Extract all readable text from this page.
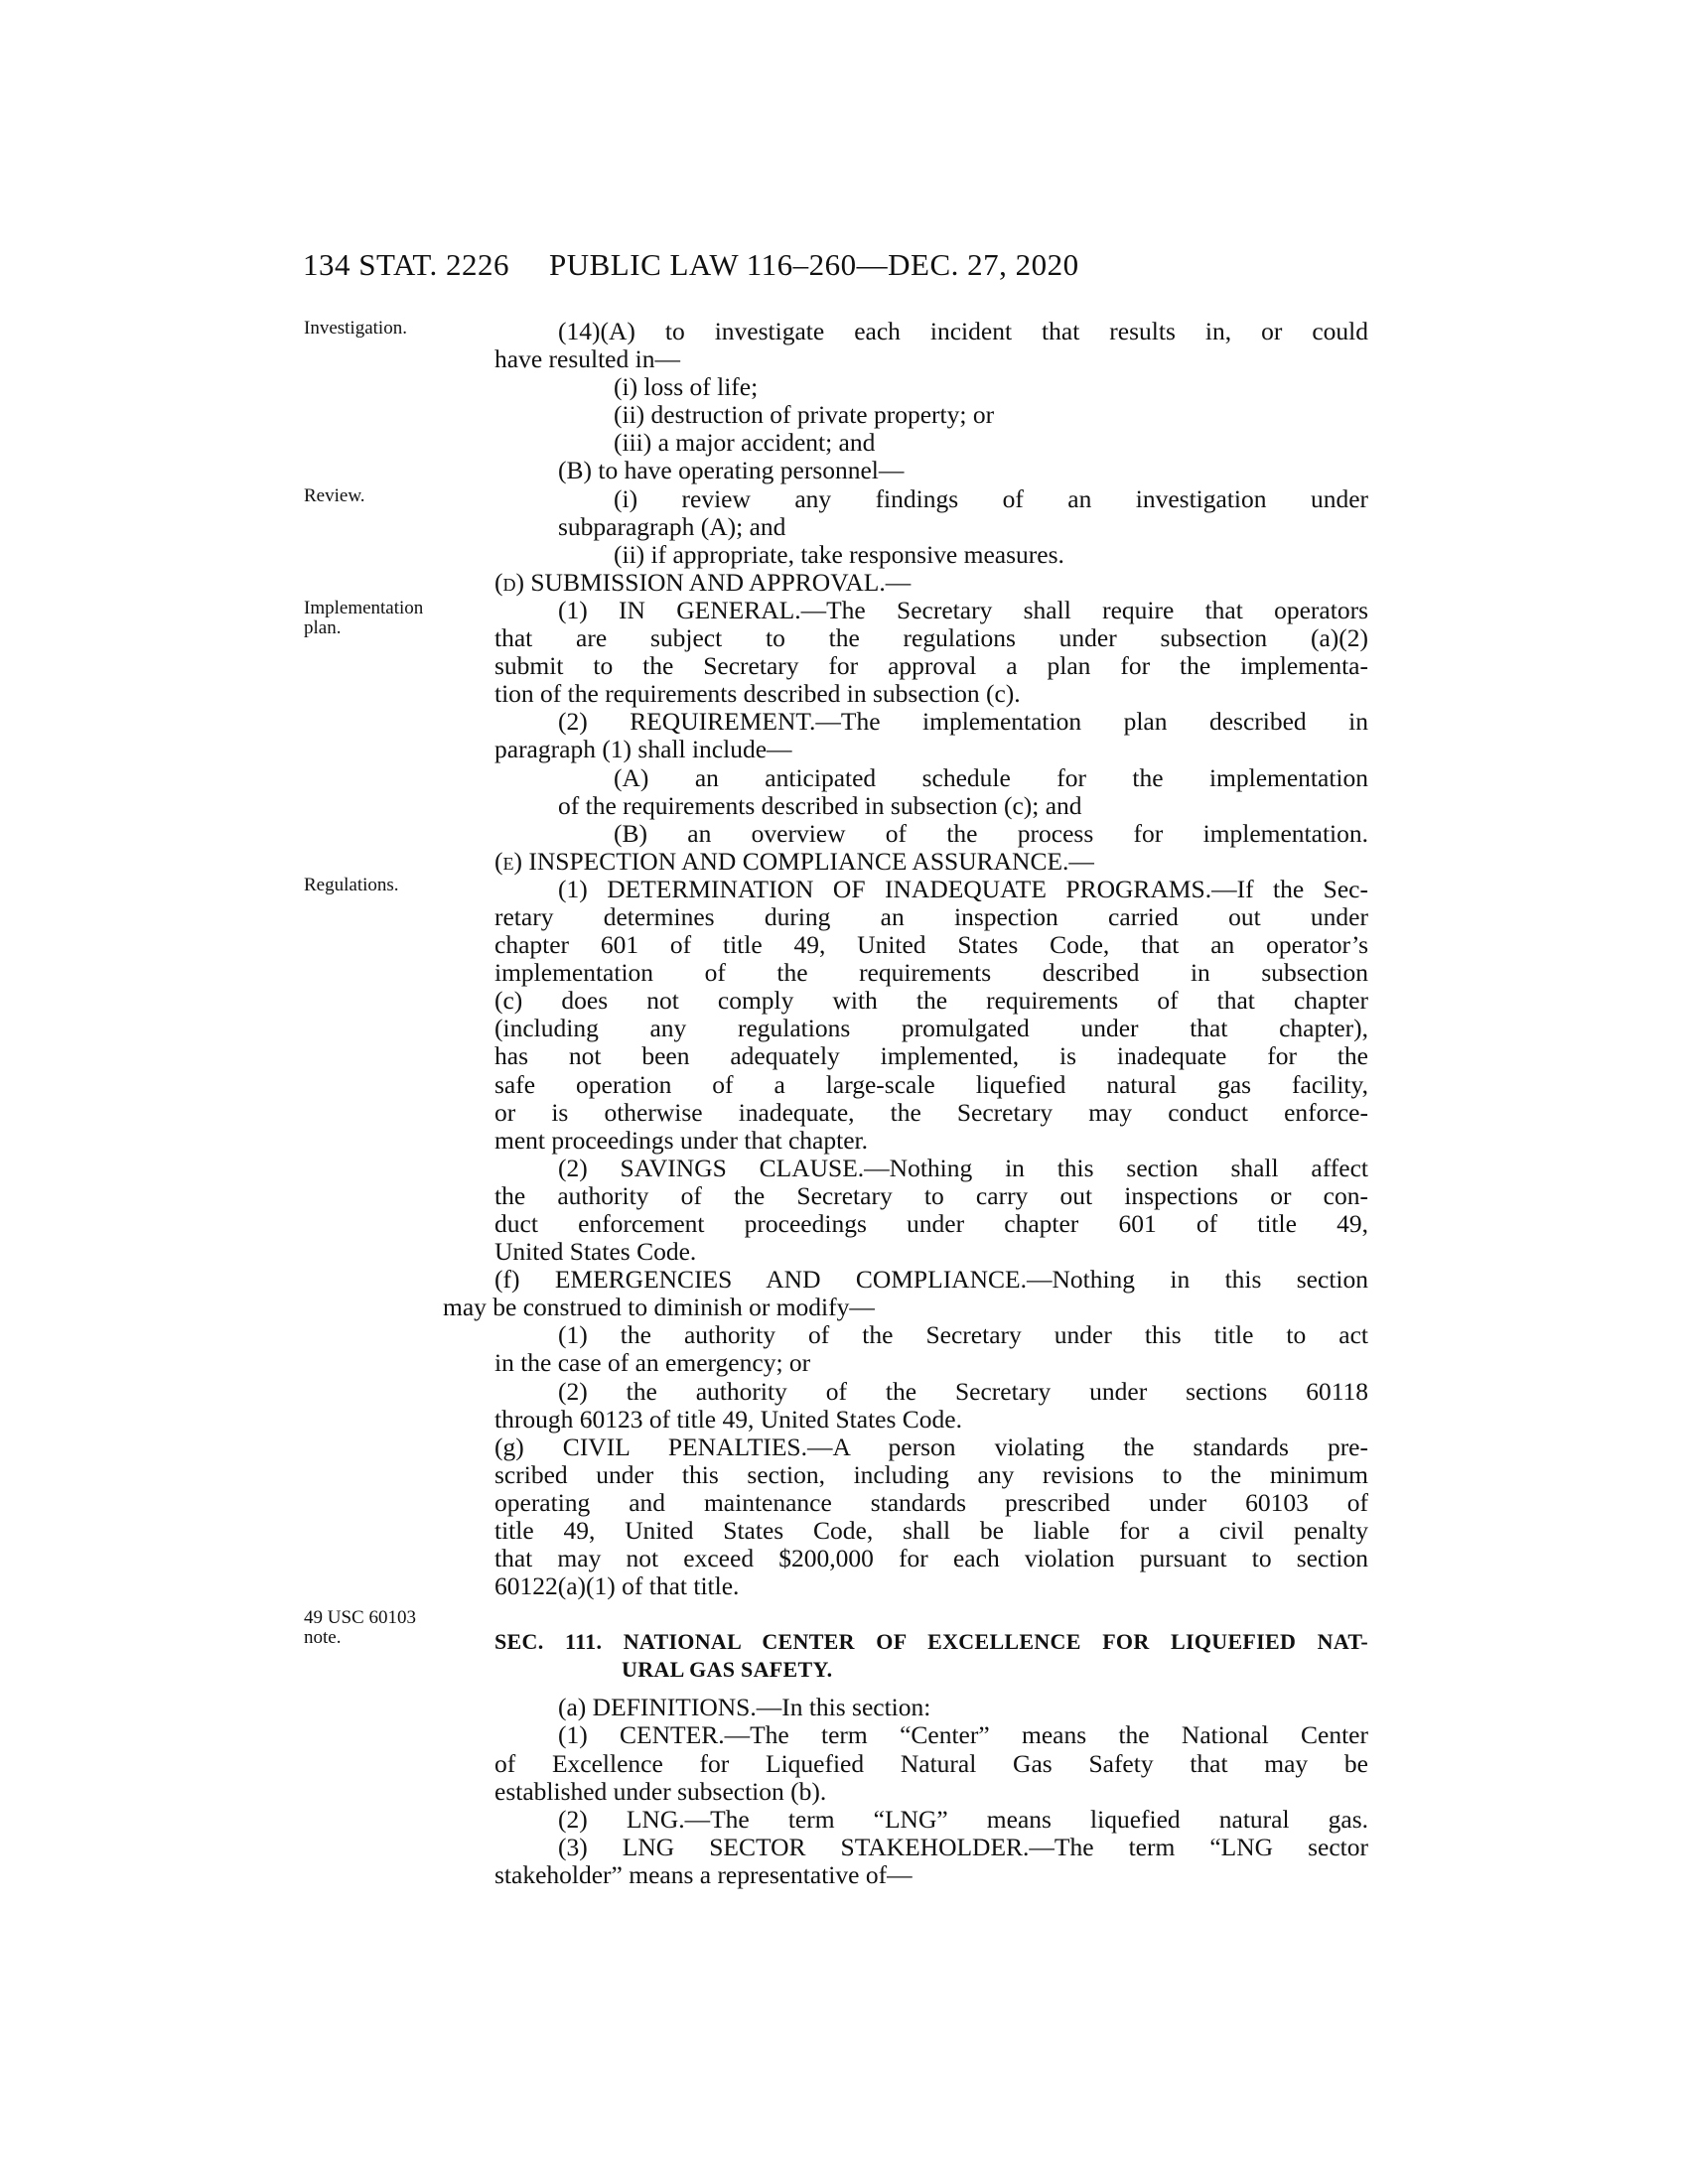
134 STAT. 2226 PUBLIC LAW 116–260—DEC. 27, 2020
Investigation.
Review.
Implementation
plan.
Regulations.
49 USC 60103
note.
(14)(A) to investigate each incident that results in, or could
have resulted in—
(i) loss of life;
(ii) destruction of private property; or
(iii) a major accident; and
(B) to have operating personnel—
(i) review any findings of an investigation under
subparagraph (A); and
(ii) if appropriate, take responsive measures.
(d) SUBMISSION AND APPROVAL.—
(1) IN GENERAL.—The Secretary shall require that operators
that are subject to the regulations under subsection (a)(2)
submit to the Secretary for approval a plan for the implementa-
tion of the requirements described in subsection (c).
(2) REQUIREMENT.—The implementation plan described in
paragraph (1) shall include—
(A) an anticipated schedule for the implementation
of the requirements described in subsection (c); and
(B) an overview of the process for implementation.
(e) INSPECTION AND COMPLIANCE ASSURANCE.—
(1) DETERMINATION OF INADEQUATE PROGRAMS.—If the Sec-
retary determines during an inspection carried out under
chapter 601 of title 49, United States Code, that an operator’s
implementation of the requirements described in subsection
(c) does not comply with the requirements of that chapter
(including any regulations promulgated under that chapter),
has not been adequately implemented, is inadequate for the
safe operation of a large-scale liquefied natural gas facility,
or is otherwise inadequate, the Secretary may conduct enforce-
ment proceedings under that chapter.
(2) SAVINGS CLAUSE.—Nothing in this section shall affect
the authority of the Secretary to carry out inspections or con-
duct enforcement proceedings under chapter 601 of title 49,
United States Code.
(f) EMERGENCIES AND COMPLIANCE.—Nothing in this section
may be construed to diminish or modify—
(1) the authority of the Secretary under this title to act
in the case of an emergency; or
(2) the authority of the Secretary under sections 60118
through 60123 of title 49, United States Code.
(g) CIVIL PENALTIES.—A person violating the standards pre-
scribed under this section, including any revisions to the minimum
operating and maintenance standards prescribed under 60103 of
title 49, United States Code, shall be liable for a civil penalty
that may not exceed $200,000 for each violation pursuant to section
60122(a)(1) of that title.
SEC. 111. NATIONAL CENTER OF EXCELLENCE FOR LIQUEFIED NAT-
URAL GAS SAFETY.
(a) DEFINITIONS.—In this section:
(1) CENTER.—The term “Center” means the National Center
of Excellence for Liquefied Natural Gas Safety that may be
established under subsection (b).
(2) LNG.—The term “LNG” means liquefied natural gas.
(3) LNG SECTOR STAKEHOLDER.—The term “LNG sector
stakeholder” means a representative of—
